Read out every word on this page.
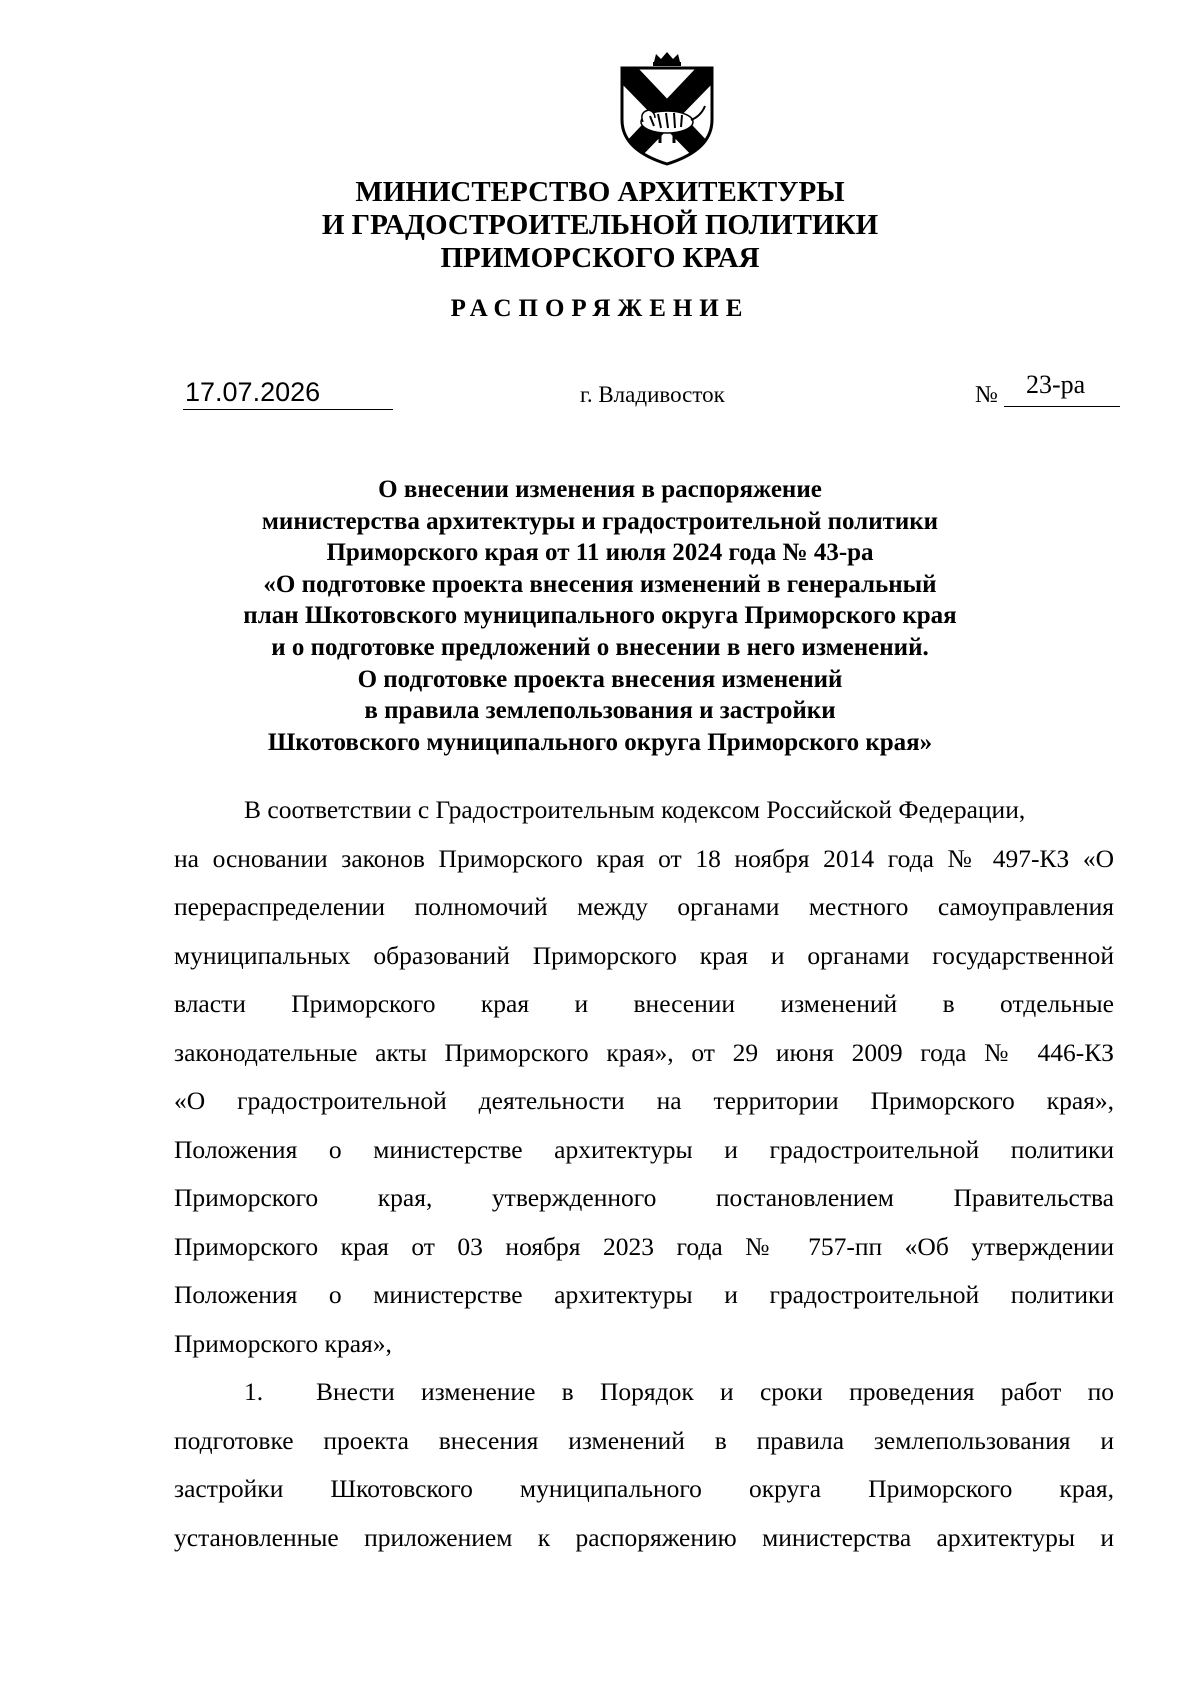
МИНИСТЕРСТВО АРХИТЕКТУРЫ
И ГРАДОСТРОИТЕЛЬНОЙ ПОЛИТИКИ
ПРИМОРСКОГО КРАЯ
РАСПОРЯЖЕНИЕ
17.07.2026	г. Владивосток	№ 23-ра
О внесении изменения в распоряжение
министерства архитектуры и градостроительной политики
Приморского края от 11 июля 2024 года № 43-ра
«О подготовке проекта внесения изменений в генеральный
план Шкотовского муниципального округа Приморского края
и о подготовке предложений о внесении в него изменений.
О подготовке проекта внесения изменений
в правила землепользования и застройки
Шкотовского муниципального округа Приморского края»
В соответствии с Градостроительным кодексом Российской Федерации,
на основании законов Приморского края от 18 ноября 2014 года № 497-КЗ «О
перераспределении полномочий между органами местного самоуправления
муниципальных образований Приморского края и органами государственной
власти Приморского края и внесении изменений в отдельные
законодательные акты Приморского края», от 29 июня 2009 года № 446-КЗ
«О градостроительной деятельности на территории Приморского края»,
Положения о министерстве архитектуры и градостроительной политики
Приморского края, утвержденного постановлением Правительства
Приморского края от 03 ноября 2023 года № 757-пп «Об утверждении
Положения о министерстве архитектуры и градостроительной политики
Приморского края»,
1. Внести изменение в Порядок и сроки проведения работ по
подготовке проекта внесения изменений в правила землепользования и
застройки Шкотовского муниципального округа Приморского края,
установленные приложением к распоряжению министерства архитектуры и
